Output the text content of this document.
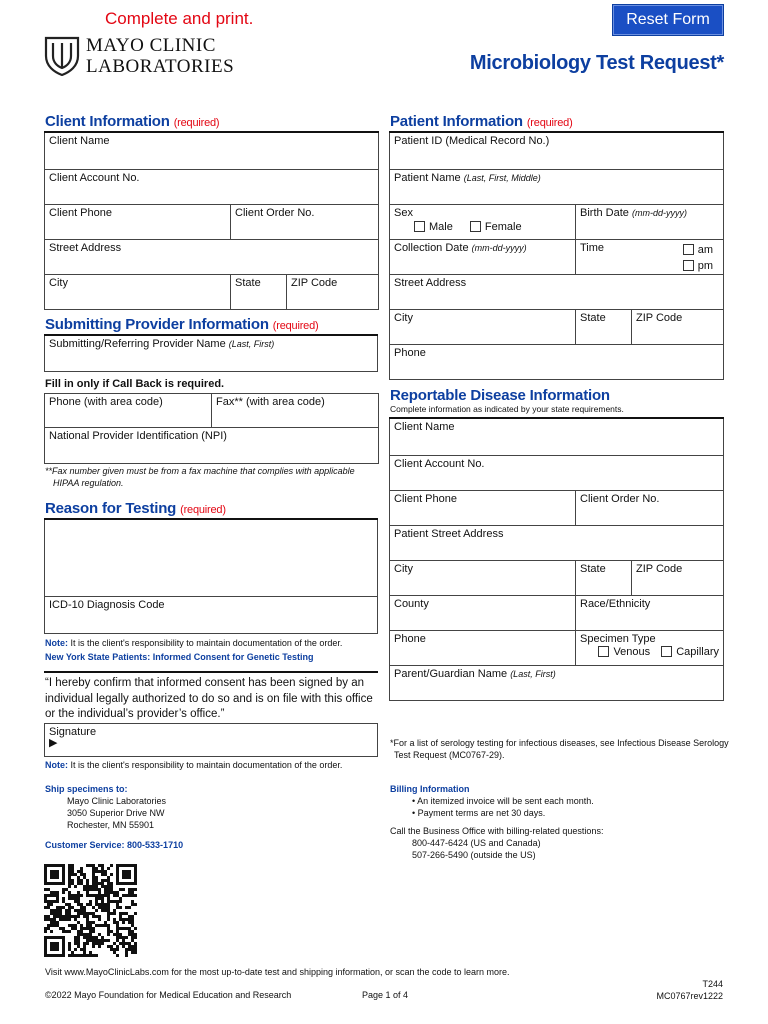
Complete and print.
MAYO CLINIC
LABORATORIES
Reset Form
Microbiology Test Request*
Client Information (required)
Client Name		
Client Account No.		
Client Phone	Client Order No.	
Street Address		
City	State	ZIP Code
Submitting Provider Information (required)
Submitting/Referring Provider Name (Last, First)
Fill in only if Call Back is required.
Phone (with area code)	Fax** (with area code)
National Provider Identification (NPI)
**Fax number given must be from a fax machine that complies with applicable
HIPAA regulation.
Reason for Testing (required)

ICD-10 Diagnosis Code
Note: It is the client's responsibility to maintain documentation of the order.
New York State Patients: Informed Consent for Genetic Testing
“I hereby confirm that informed consent has been signed by an
individual legally authorized to do so and is on file with this office
or the individual’s provider’s office.”
Signature
▶
Note: It is the client's responsibility to maintain documentation of the order.
Patient Information (required)
Patient ID (Medical Record No.)		
Patient Name (Last, First, Middle)		

Sex
Male Female	Birth Date (mm-dd-yyyy)	
Collection Date (mm-dd-yyyy)	Time am
pm	

Street Address		
City	State	ZIP Code
Phone		
Reportable Disease Information
Complete information as indicated by your state requirements.
Client Name		
Client Account No.		
Client Phone	Client Order No.	
Patient Street Address		
City	State	ZIP Code
County	Race/Ethnicity	
Phone	Specimen Type
Venous Capillary	

Parent/Guardian Name (Last, First)		
*For a list of serology testing for infectious diseases, see Infectious Disease Serology
Test Request (MC0767-29).
Ship specimens to:
Mayo Clinic Laboratories
3050 Superior Drive NW
Rochester, MN 55901
Customer Service: 800-533-1710
Billing Information
• An itemized invoice will be sent each month.
• Payment terms are net 30 days.
Call the Business Office with billing-related questions:
800-447-6424 (US and Canada)
507-266-5490 (outside the US)
Visit www.MayoClinicLabs.com for the most up-to-date test and shipping information, or scan the code to learn more.
©2022 Mayo Foundation for Medical Education and Research	Page 1 of 4
T244
MC0767rev1222
